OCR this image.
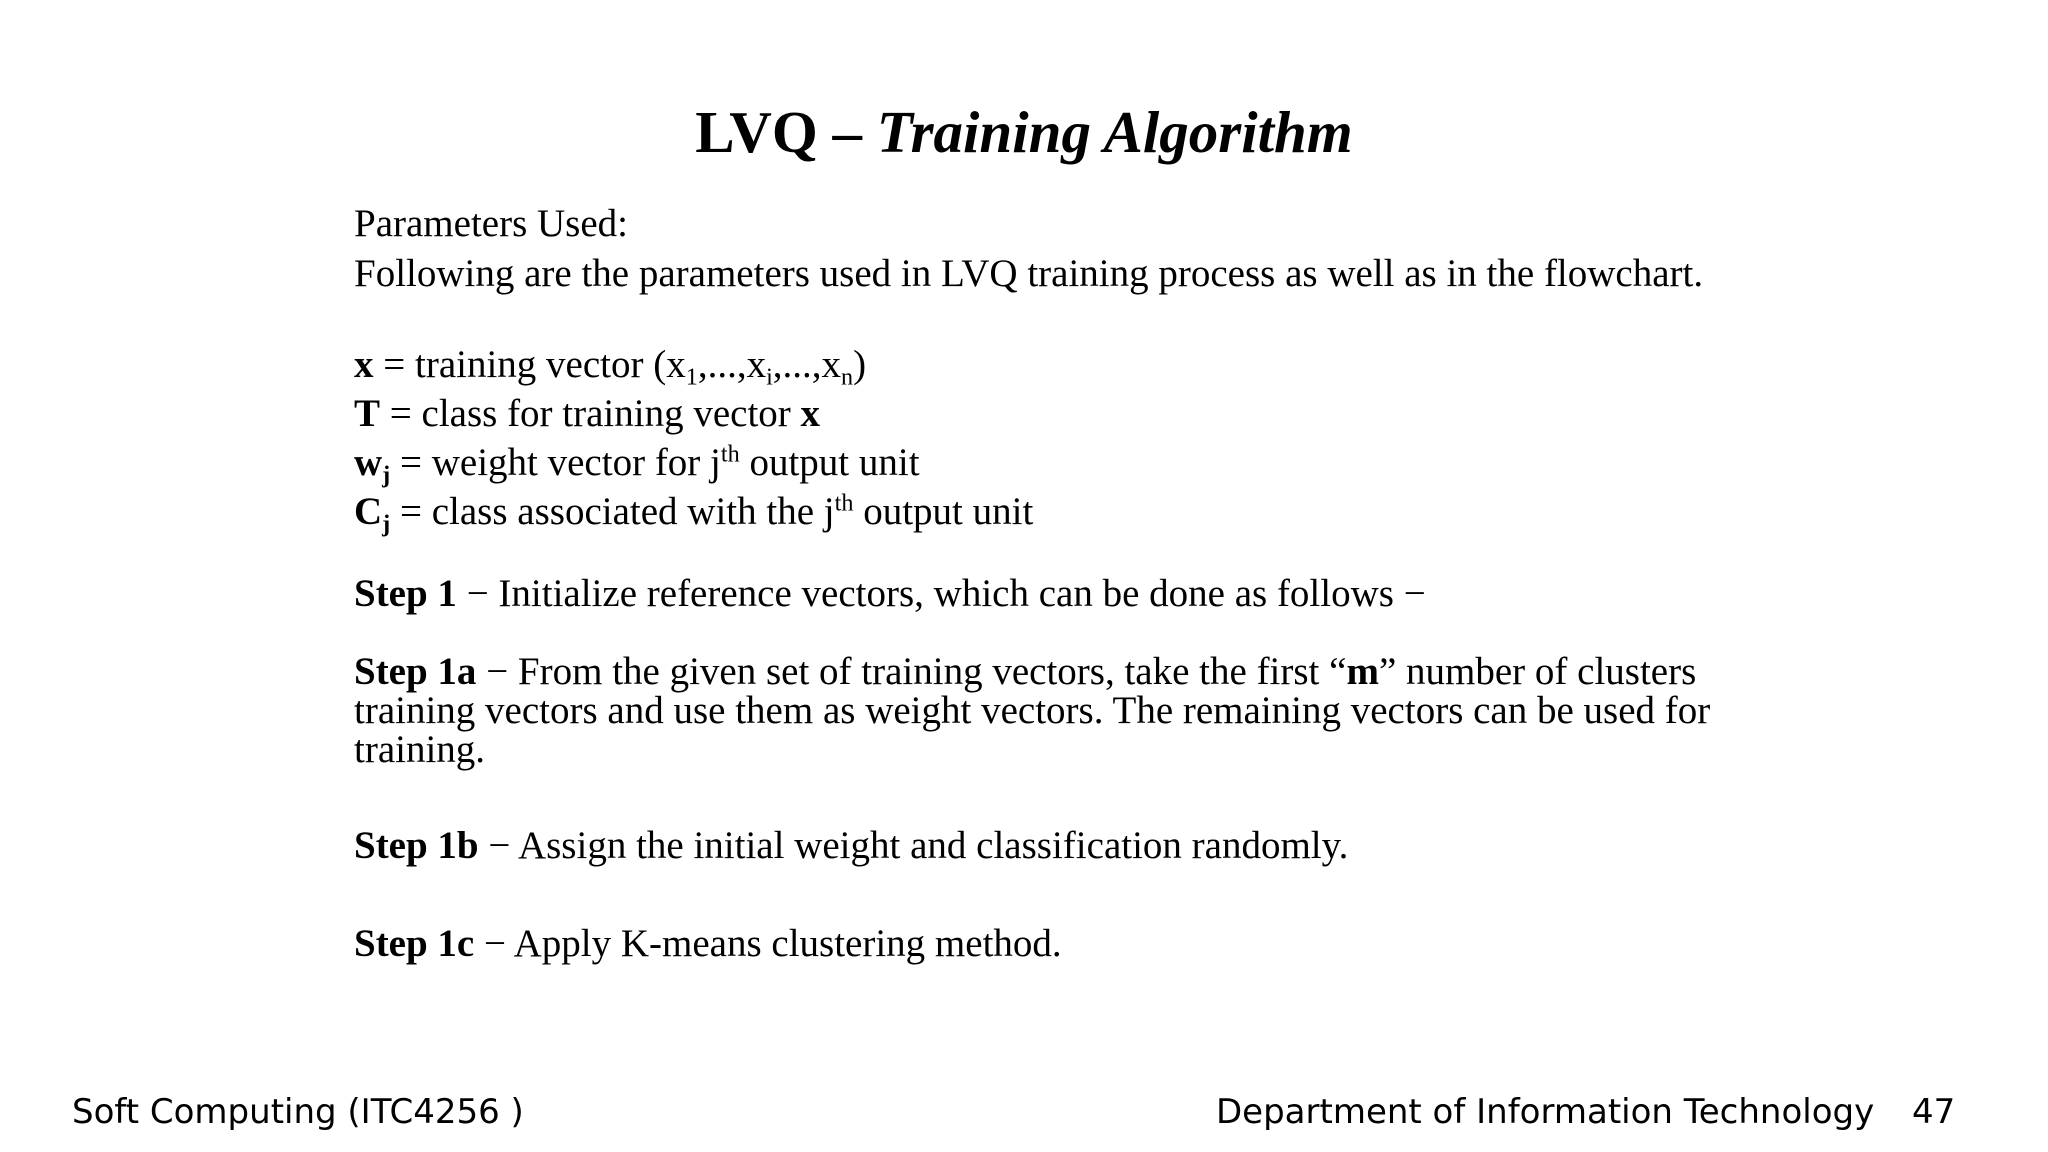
LVQ – Training Algorithm

Parameters Used:

Following are the parameters used in LVQ training process as well as in the flowchart.

x = training vector $(x_1,...,x_i,...,x_n)$

T = class for training vector x

$w_j$ = weight vector for $j^{th}$ output unit

$C_j$ = class associated with the $j^{th}$ output unit

Step 1 − Initialize reference vectors, which can be done as follows −

Step 1a − From the given set of training vectors, take the first “m” number of clusters training vectors and use them as weight vectors. The remaining vectors can be used for training.

Step 1b − Assign the initial weight and classification randomly.

Step 1c − Apply K-means clustering method.

Soft Computing (ITC4256 )	Department of Information Technology 47
